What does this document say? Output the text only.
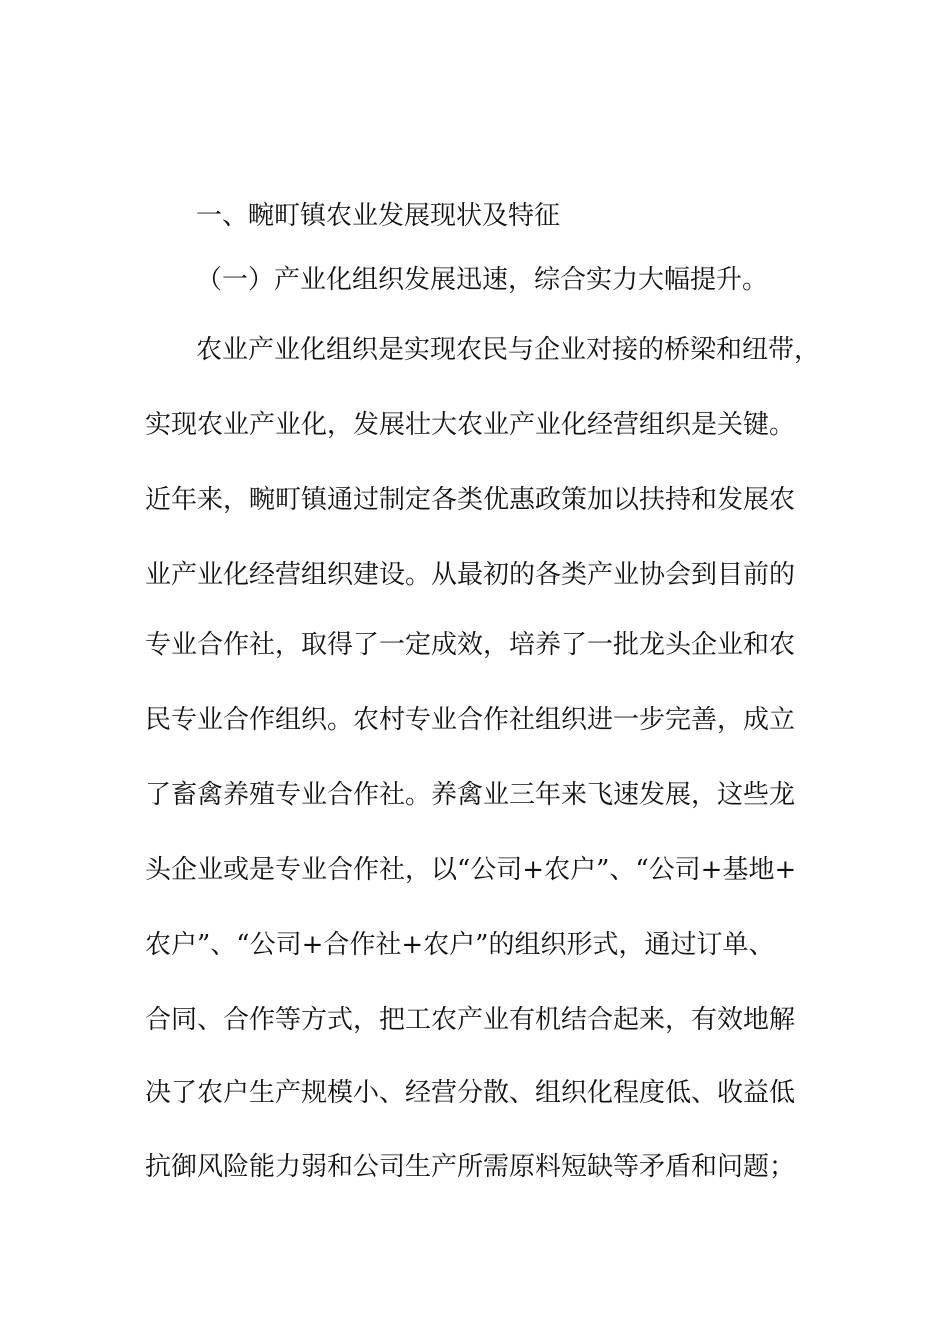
一、畹町镇农业发展现状及特征
（一）产业化组织发展迅速，综合实力大幅提升。
农业产业化组织是实现农民与企业对接的桥梁和纽带，
实现农业产业化，发展壮大农业产业化经营组织是关键。
近年来，畹町镇通过制定各类优惠政策加以扶持和发展农
业产业化经营组织建设。从最初的各类产业协会到目前的
专业合作社，取得了一定成效，培养了一批龙头企业和农
民专业合作组织。农村专业合作社组织进一步完善，成立
了畜禽养殖专业合作社。养禽业三年来飞速发展，这些龙
头企业或是专业合作社，以“公司+农户”、“公司+基地+
农户”、“公司+合作社+农户”的组织形式，通过订单、
合同、合作等方式，把工农产业有机结合起来，有效地解
决了农户生产规模小、经营分散、组织化程度低、收益低
抗御风险能力弱和公司生产所需原料短缺等矛盾和问题；
